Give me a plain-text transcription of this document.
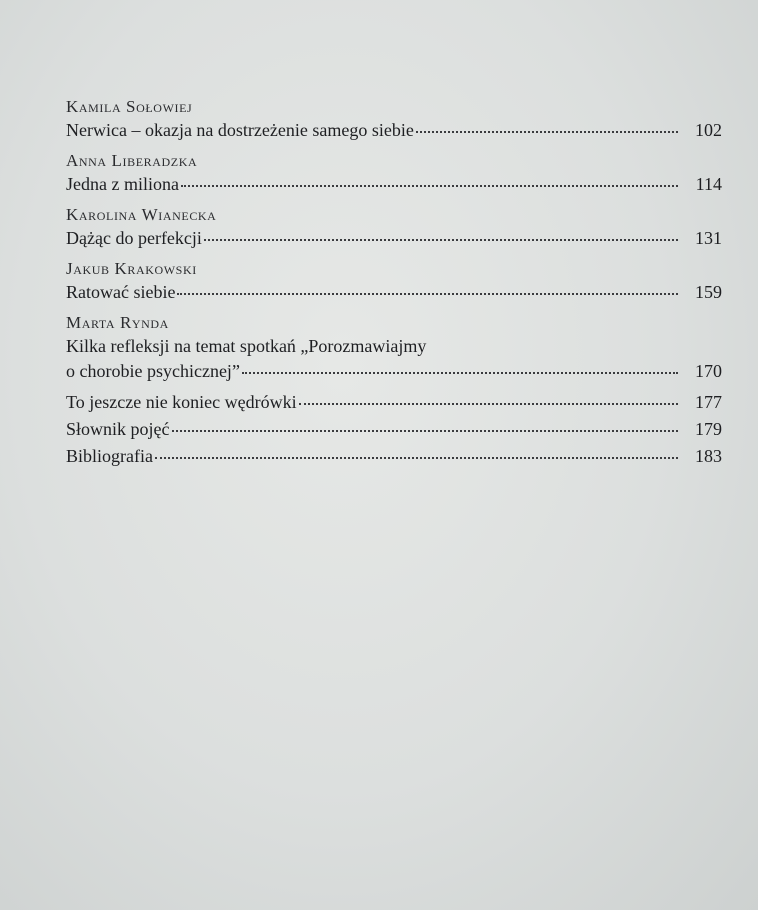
Kamila Sołowiej
Nerwica – okazja na dostrzeżenie samego siebie	102
Anna Liberadzka
Jedna z miliona	114
Karolina Wianecka
Dążąc do perfekcji	131
Jakub Krakowski
Ratować siebie	159
Marta Rynda
Kilka refleksji na temat spotkań „Porozmawiajmy
o chorobie psychicznej”	170
To jeszcze nie koniec wędrówki	177
Słownik pojęć	179
Bibliografia	183
